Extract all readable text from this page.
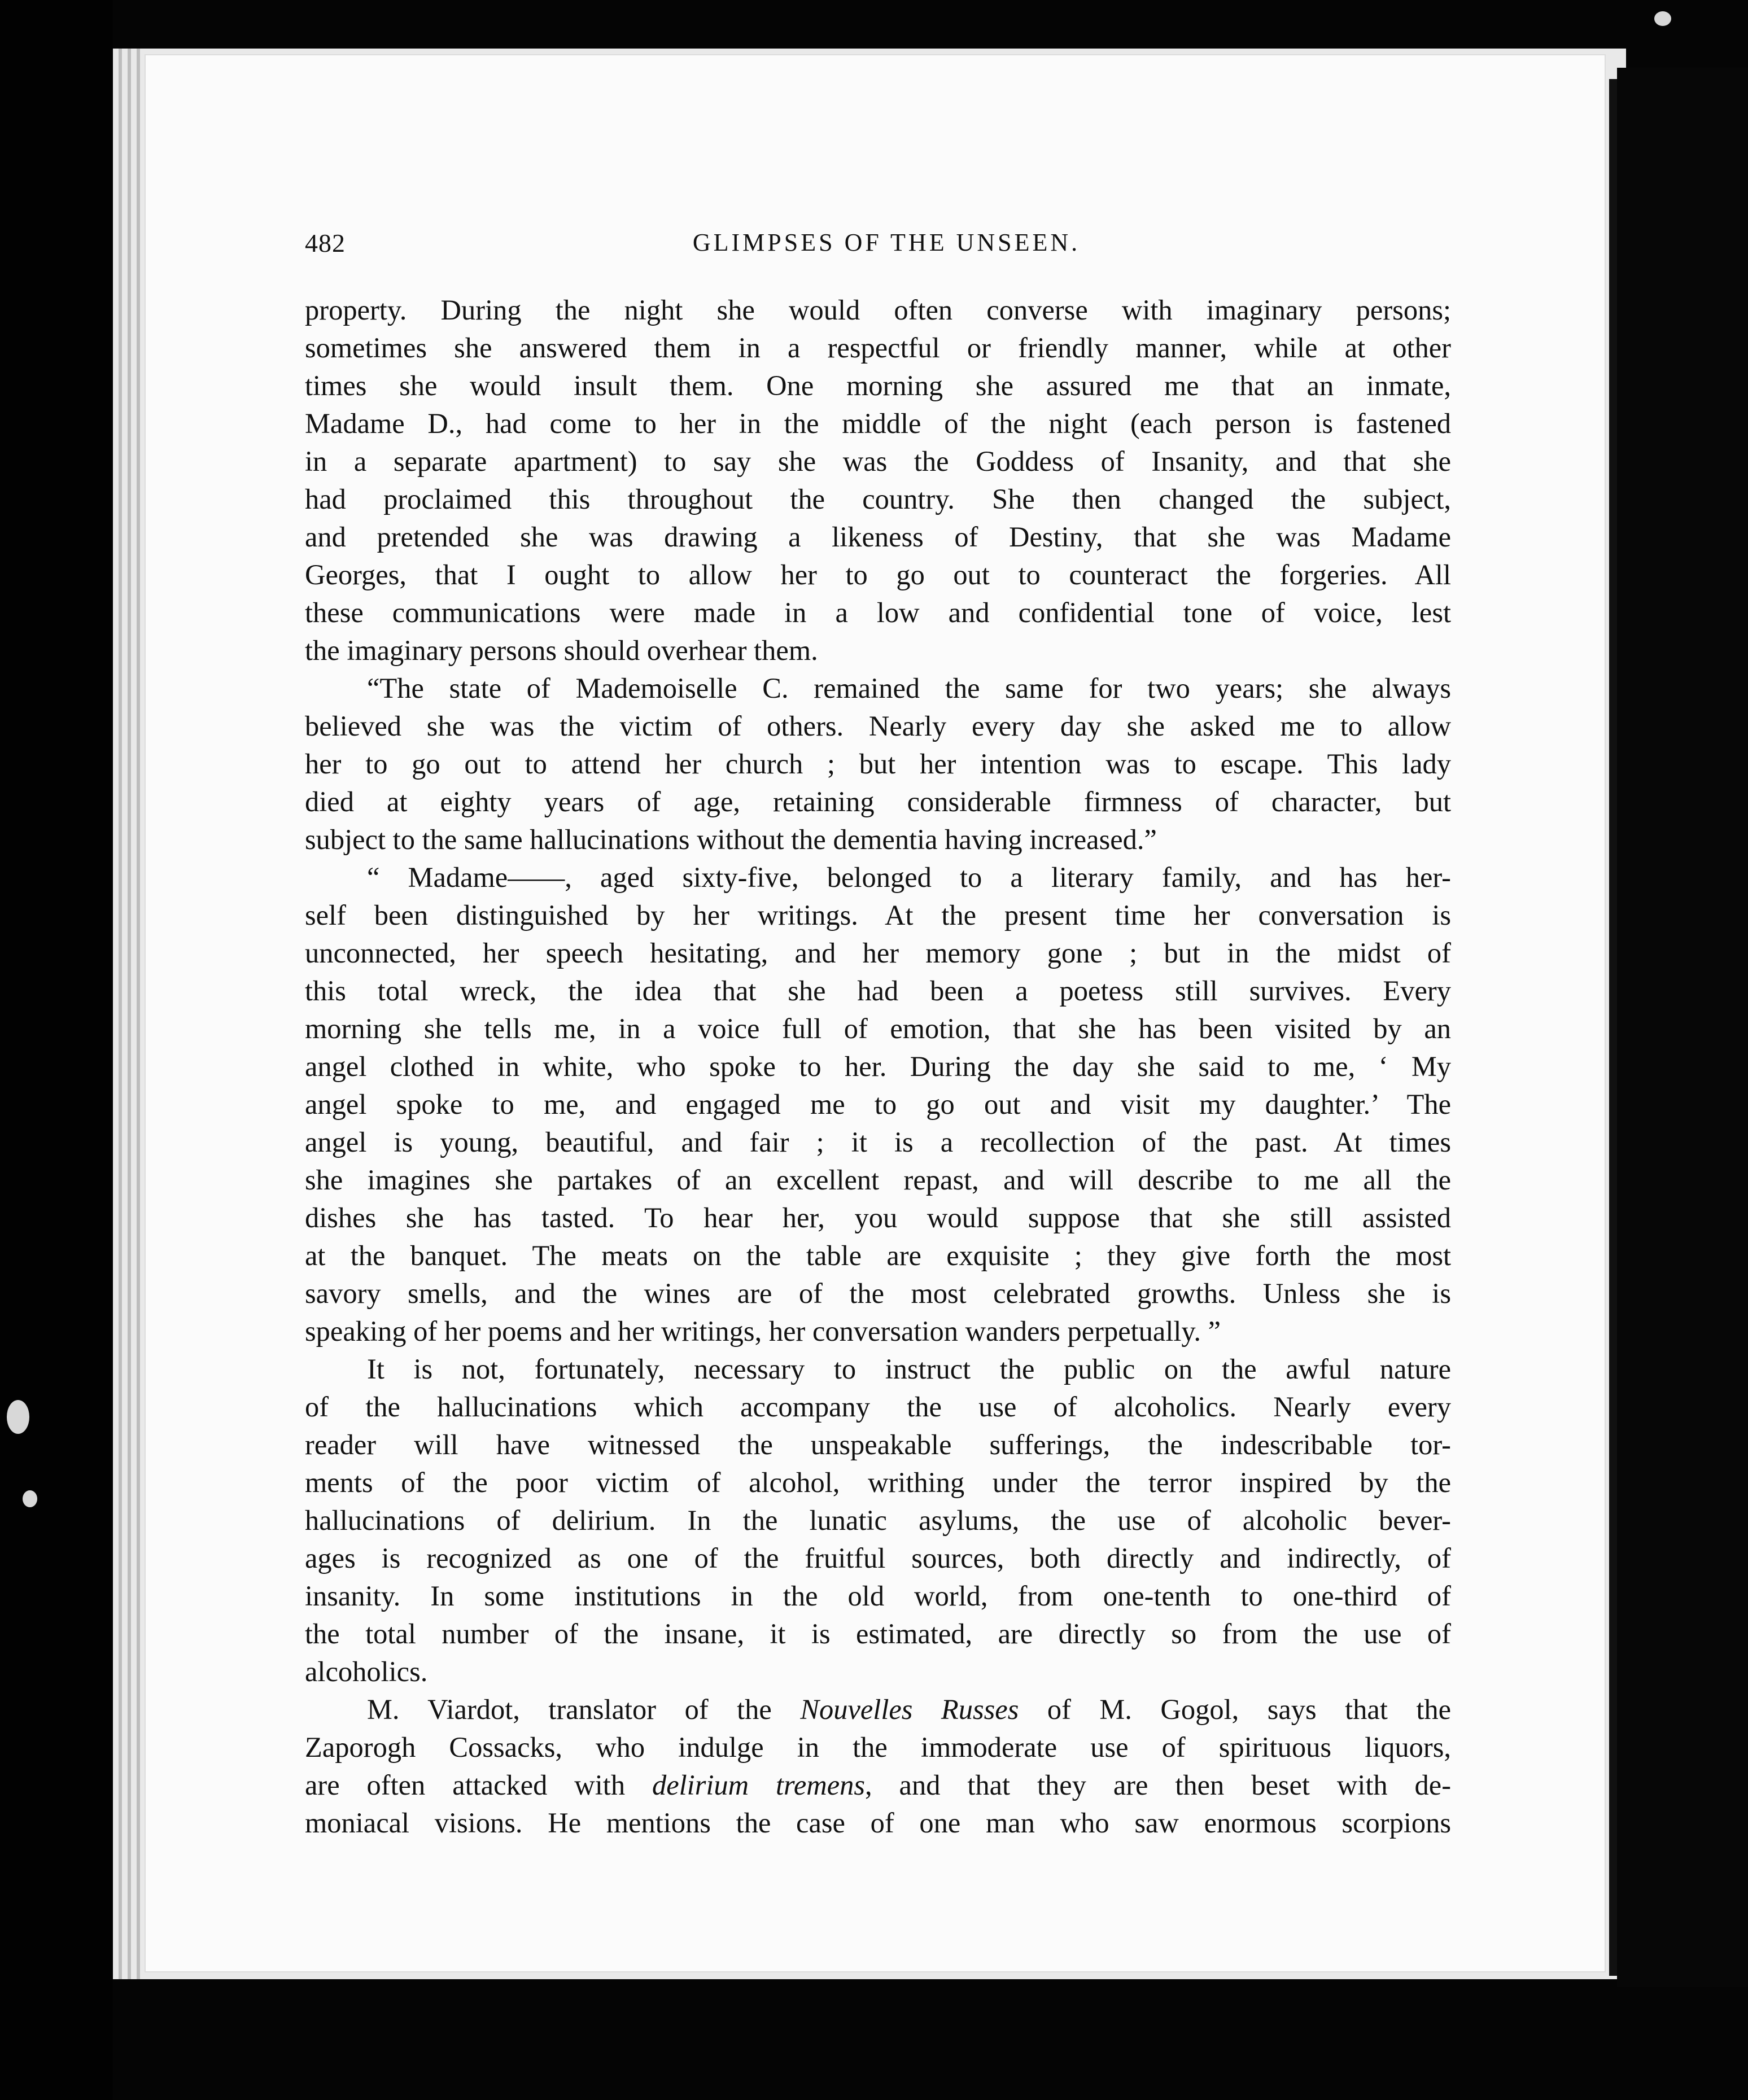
482	GLIMPSES OF THE UNSEEN.
property. During the night she would often converse with imaginary persons;
sometimes she answered them in a respectful or friendly manner, while at other
times she would insult them. One morning she assured me that an inmate,
Madame D., had come to her in the middle of the night (each person is fastened
in a separate apartment) to say she was the Goddess of Insanity, and that she
had proclaimed this throughout the country. She then changed the subject,
and pretended she was drawing a likeness of Destiny, that she was Madame
Georges, that I ought to allow her to go out to counteract the forgeries. All
these communications were made in a low and confidential tone of voice, lest
the imaginary persons should overhear them.
“The state of Mademoiselle C. remained the same for two years; she always
believed she was the victim of others. Nearly every day she asked me to allow
her to go out to attend her church ; but her intention was to escape. This lady
died at eighty years of age, retaining considerable firmness of character, but
subject to the same hallucinations without the dementia having increased.”
“ Madame——, aged sixty-five, belonged to a literary family, and has her-
self been distinguished by her writings. At the present time her conversation is
unconnected, her speech hesitating, and her memory gone ; but in the midst of
this total wreck, the idea that she had been a poetess still survives. Every
morning she tells me, in a voice full of emotion, that she has been visited by an
angel clothed in white, who spoke to her. During the day she said to me, ‘ My
angel spoke to me, and engaged me to go out and visit my daughter.’ The
angel is young, beautiful, and fair ; it is a recollection of the past. At times
she imagines she partakes of an excellent repast, and will describe to me all the
dishes she has tasted. To hear her, you would suppose that she still assisted
at the banquet. The meats on the table are exquisite ; they give forth the most
savory smells, and the wines are of the most celebrated growths. Unless she is
speaking of her poems and her writings, her conversation wanders perpetually. ”
It is not, fortunately, necessary to instruct the public on the awful nature
of the hallucinations which accompany the use of alcoholics. Nearly every
reader will have witnessed the unspeakable sufferings, the indescribable tor-
ments of the poor victim of alcohol, writhing under the terror inspired by the
hallucinations of delirium. In the lunatic asylums, the use of alcoholic bever-
ages is recognized as one of the fruitful sources, both directly and indirectly, of
insanity. In some institutions in the old world, from one-tenth to one-third of
the total number of the insane, it is estimated, are directly so from the use of
alcoholics.
M. Viardot, translator of the Nouvelles Russes of M. Gogol, says that the
Zaporogh Cossacks, who indulge in the immoderate use of spirituous liquors,
are often attacked with delirium tremens, and that they are then beset with de-
moniacal visions. He mentions the case of one man who saw enormous scorpions
